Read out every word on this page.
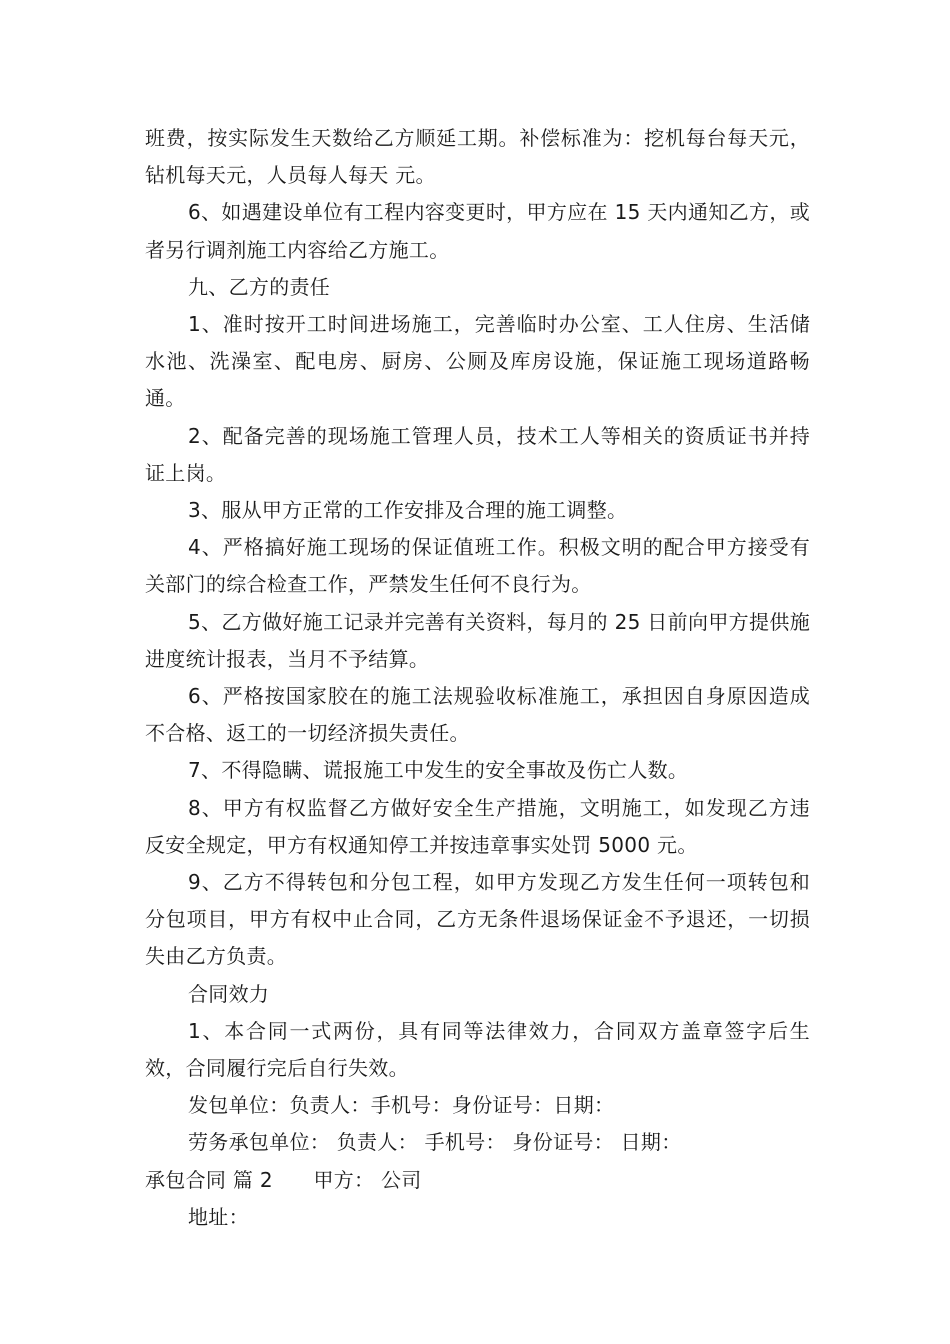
班费，按实际发生天数给乙方顺延工期。补偿标准为：挖机每台每天元，钻机每天元，人员每人每天 元。

6、如遇建设单位有工程内容变更时，甲方应在 15 天内通知乙方，或者另行调剂施工内容给乙方施工。

九、乙方的责任

1、准时按开工时间进场施工，完善临时办公室、工人住房、生活储水池、洗澡室、配电房、厨房、公厕及库房设施，保证施工现场道路畅通。

2、配备完善的现场施工管理人员，技术工人等相关的资质证书并持证上岗。

3、服从甲方正常的工作安排及合理的施工调整。

4、严格搞好施工现场的保证值班工作。积极文明的配合甲方接受有关部门的综合检查工作，严禁发生任何不良行为。

5、乙方做好施工记录并完善有关资料，每月的 25 日前向甲方提供施进度统计报表，当月不予结算。

6、严格按国家胶在的施工法规验收标准施工，承担因自身原因造成不合格、返工的一切经济损失责任。

7、不得隐瞒、谎报施工中发生的安全事故及伤亡人数。

8、甲方有权监督乙方做好安全生产措施，文明施工，如发现乙方违反安全规定，甲方有权通知停工并按违章事实处罚 5000 元。

9、乙方不得转包和分包工程，如甲方发现乙方发生任何一项转包和分包项目，甲方有权中止合同，乙方无条件退场保证金不予退还，一切损失由乙方负责。

合同效力

1、本合同一式两份，具有同等法律效力，合同双方盖章签字后生效，合同履行完后自行失效。

发包单位：负责人：手机号：身份证号：日期：

劳务承包单位： 负责人： 手机号： 身份证号： 日期：

承包合同 篇 2　　甲方： 公司

地址：
